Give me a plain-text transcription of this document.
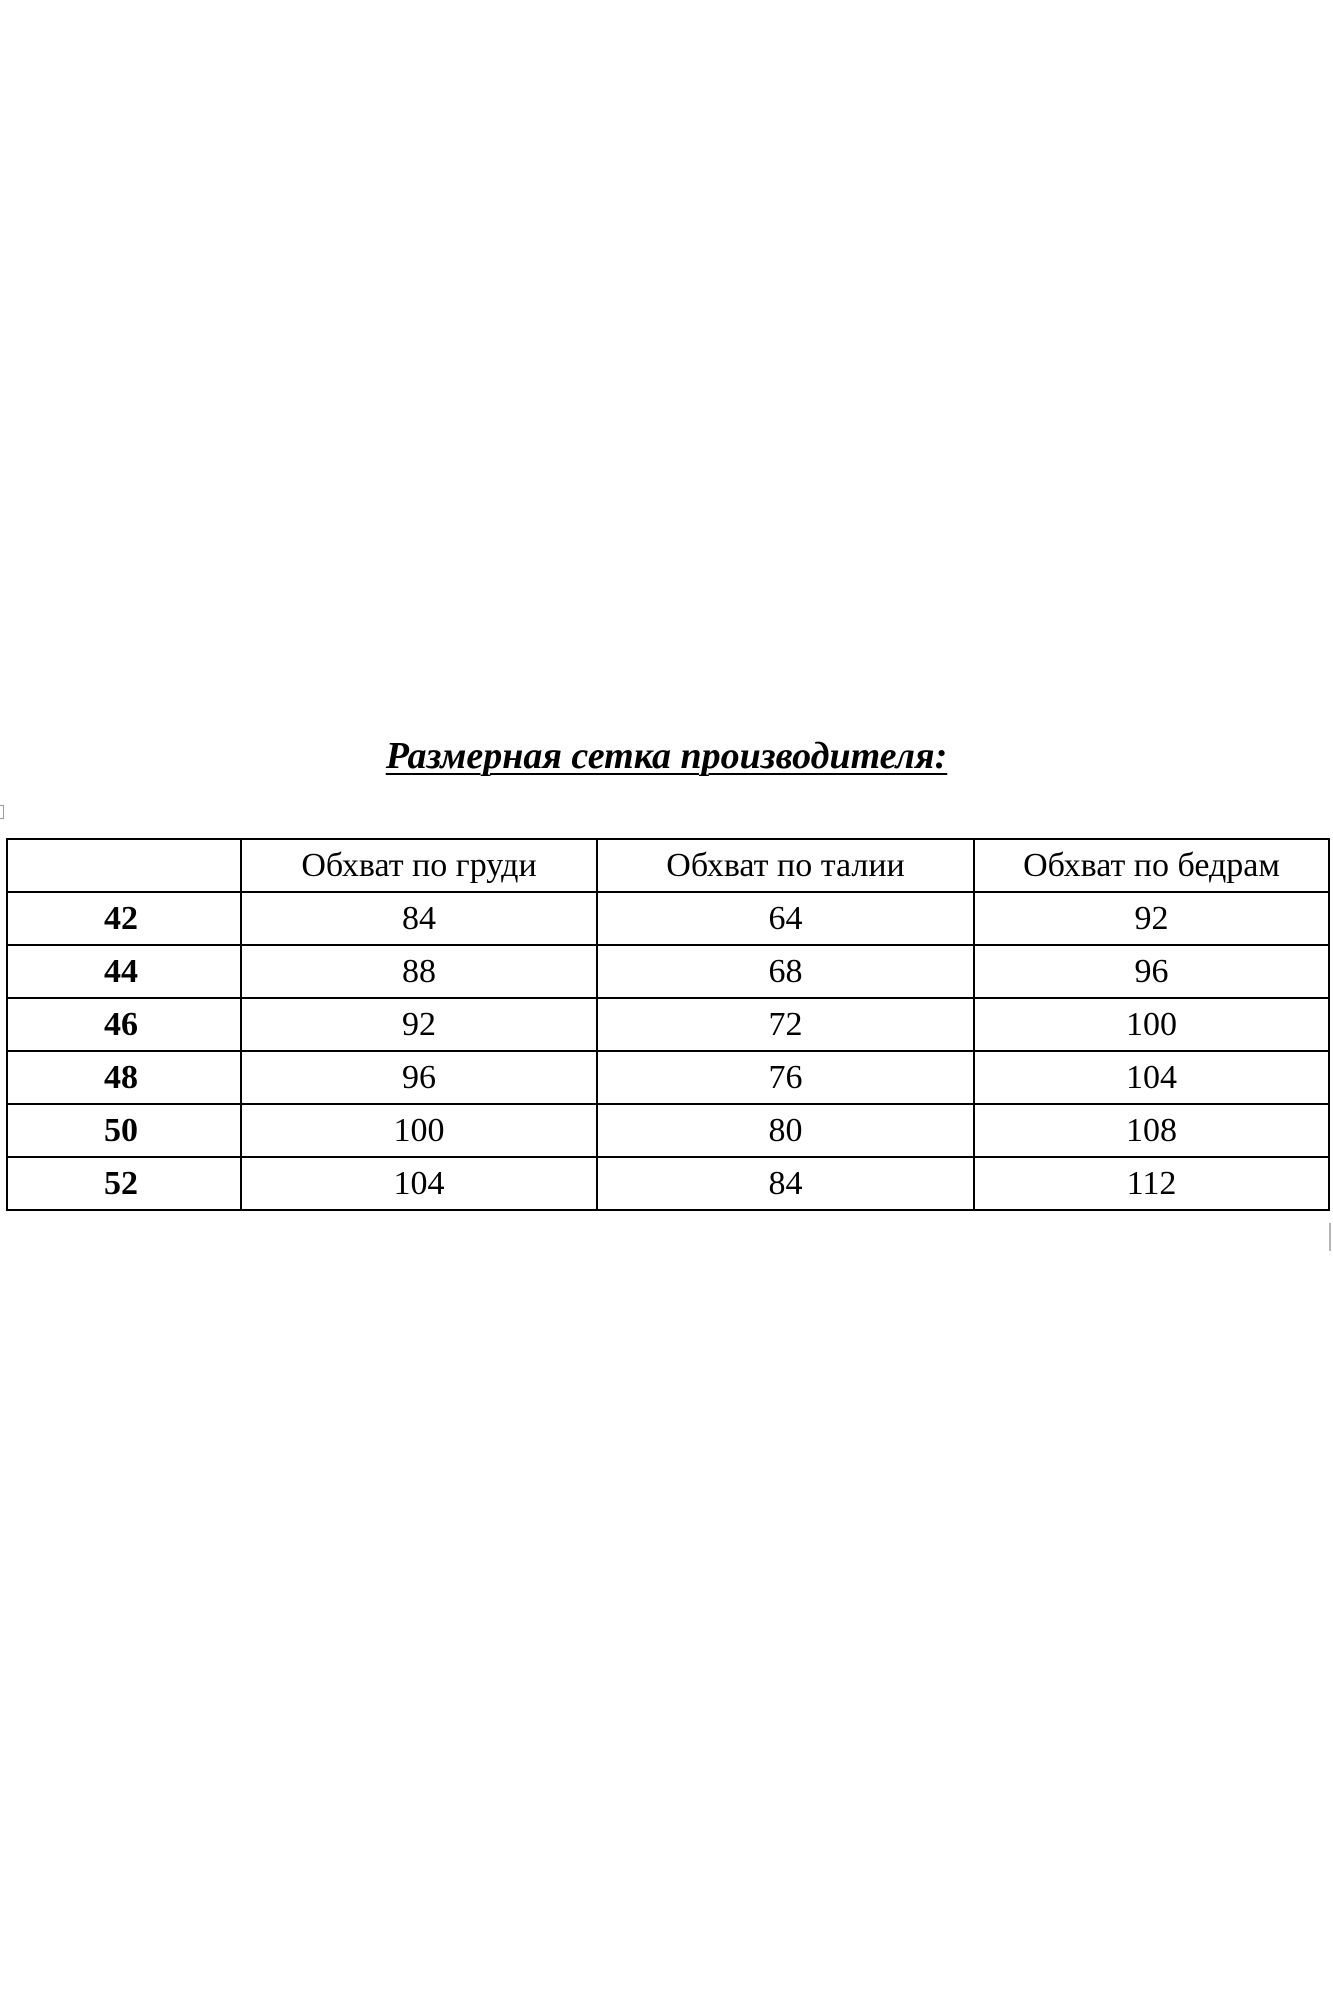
Размерная сетка производителя:
	Обхват по груди	Обхват по талии	Обхват по бедрам
42	84	64	92
44	88	68	96
46	92	72	100
48	96	76	104
50	100	80	108
52	104	84	112
